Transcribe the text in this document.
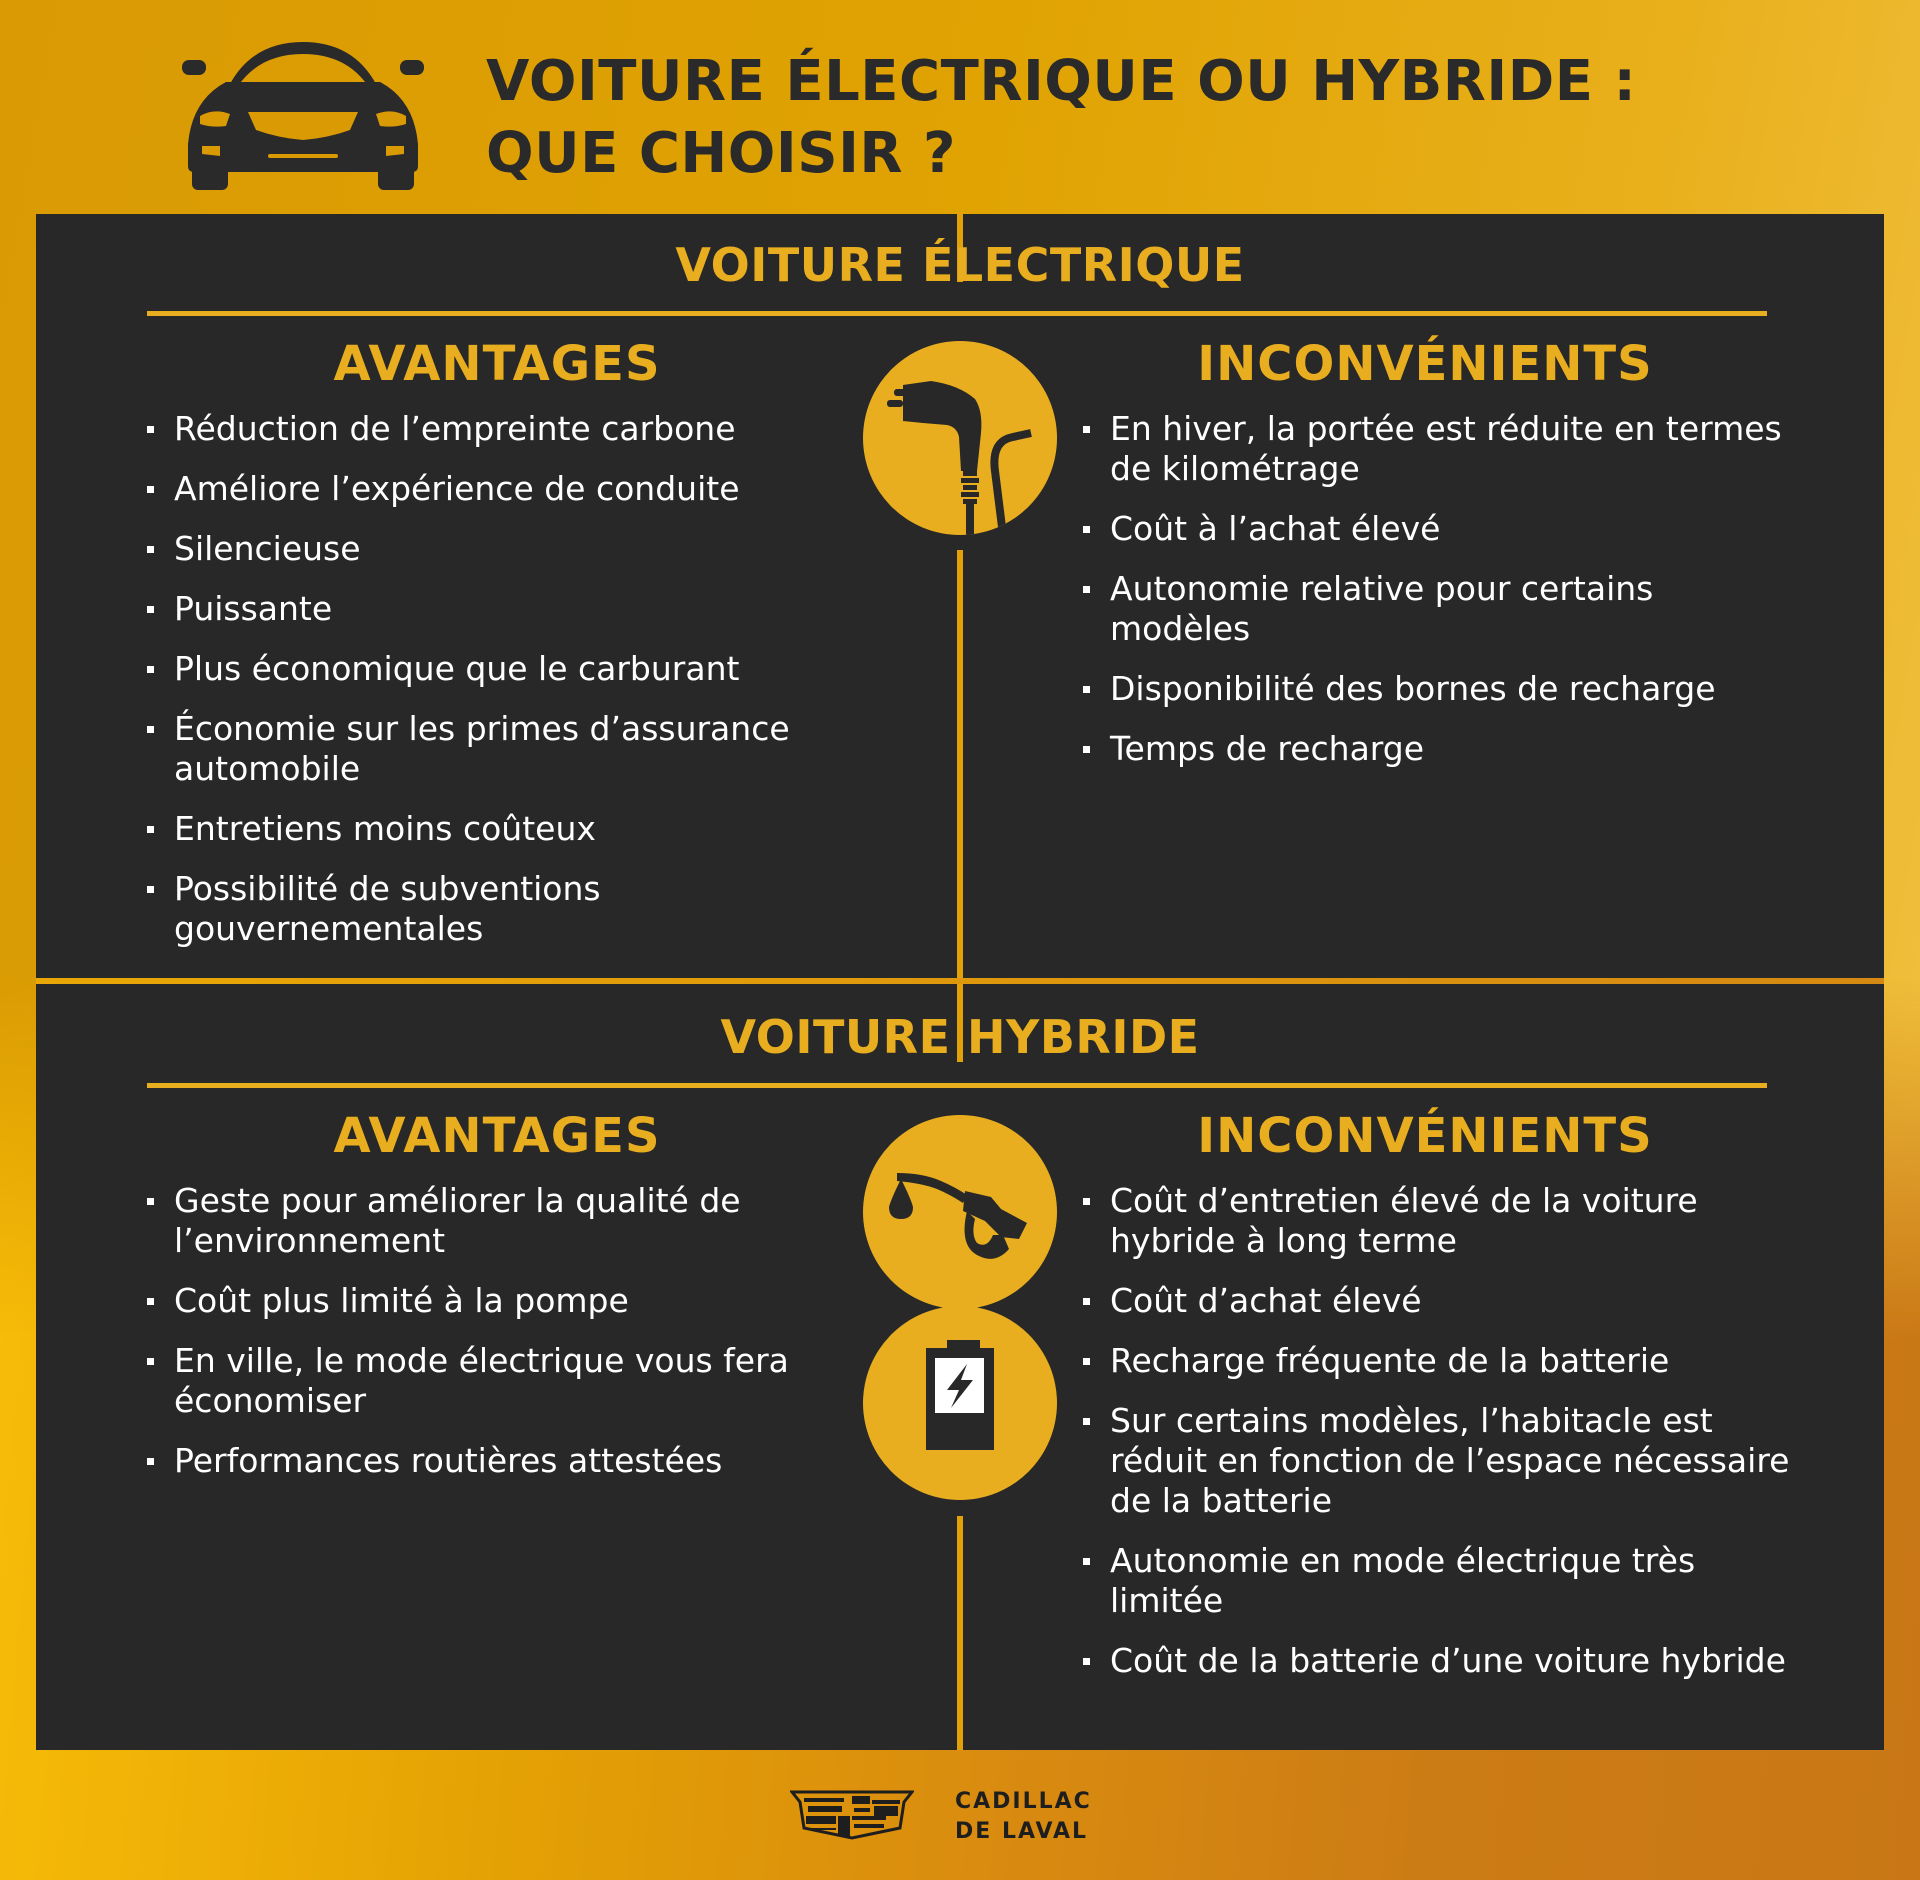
VOITURE ÉLECTRIQUE OU HYBRIDE :
QUE CHOISIR ?
VOITURE ÉLECTRIQUE
AVANTAGES	INCONVÉNIENTS
Réduction de l’empreinte carbone
Améliore l’expérience de conduite
Silencieuse
Puissante
Plus économique que le carburant
Économie sur les primes d’assurance automobile
Entretiens moins coûteux
Possibilité de subventions gouvernementales
En hiver, la portée est réduite en termes de kilométrage
Coût à l’achat élevé
Autonomie relative pour certains modèles
Disponibilité des bornes de recharge
Temps de recharge
VOITURE HYBRIDE
AVANTAGES	INCONVÉNIENTS
Geste pour améliorer la qualité de l’environnement
Coût plus limité à la pompe
En ville, le mode électrique vous fera économiser
Performances routières attestées
Coût d’entretien élevé de la voiture hybride à long terme
Coût d’achat élevé
Recharge fréquente de la batterie
Sur certains modèles, l’habitacle est réduit en fonction de l’espace nécessaire de la batterie
Autonomie en mode électrique très limitée
Coût de la batterie d’une voiture hybride

CADILLAC
DE LAVAL
